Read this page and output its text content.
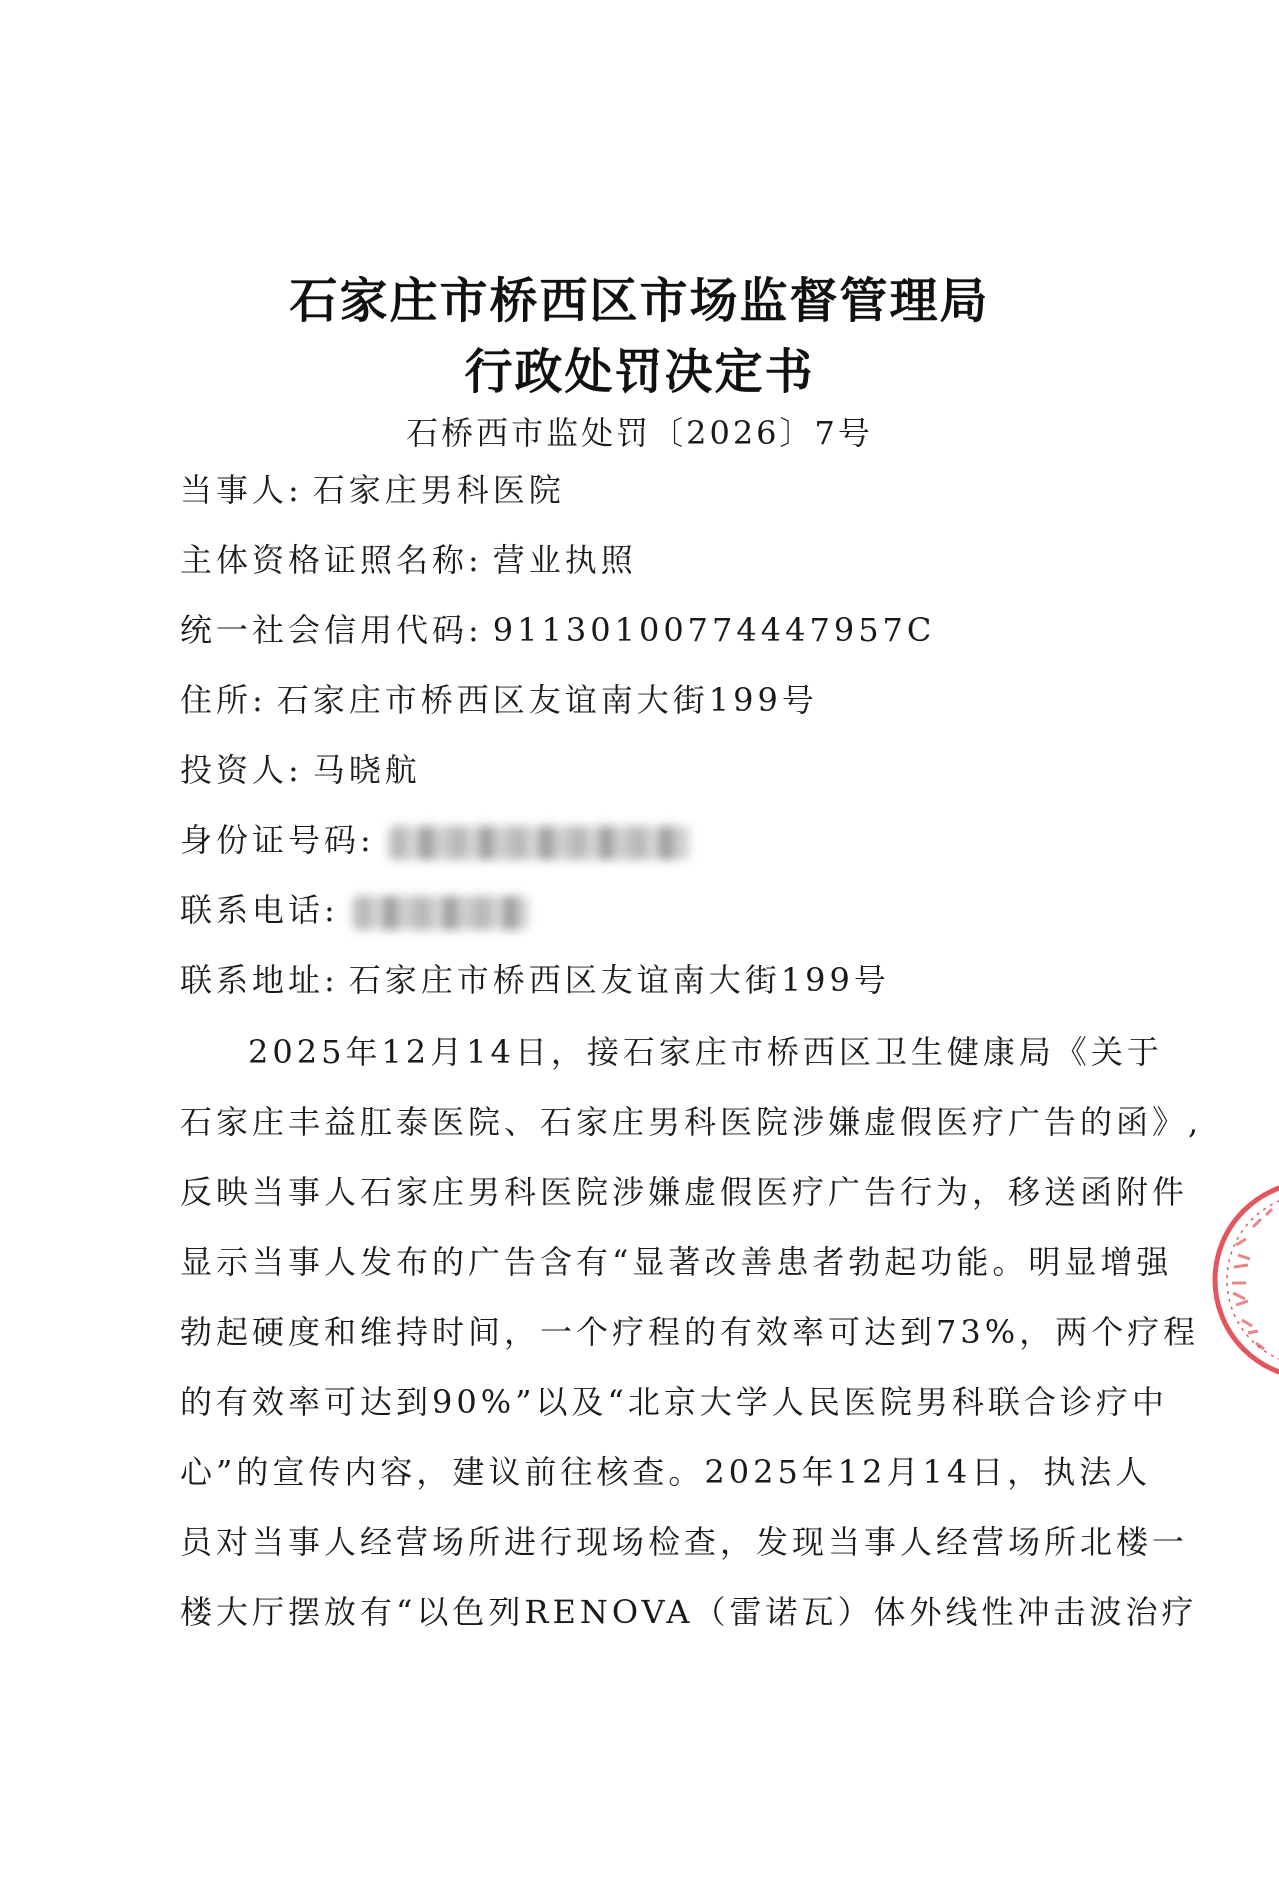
石家庄市桥西区市场监督管理局
行政处罚决定书
石桥西市监处罚〔2026〕7号
当事人: 石家庄男科医院
主体资格证照名称: 营业执照
统一社会信用代码: 91130100774447957C
住所: 石家庄市桥西区友谊南大街199号
投资人: 马晓航
身份证号码:
联系电话:
联系地址: 石家庄市桥西区友谊南大街199号
2025年12月14日，接石家庄市桥西区卫生健康局《关于
石家庄丰益肛泰医院、石家庄男科医院涉嫌虚假医疗广告的函》,
反映当事人石家庄男科医院涉嫌虚假医疗广告行为，移送函附件
显示当事人发布的广告含有“显著改善患者勃起功能。明显增强
勃起硬度和维持时间，一个疗程的有效率可达到73%，两个疗程
的有效率可达到90%”以及“北京大学人民医院男科联合诊疗中
心”的宣传内容，建议前往核查。2025年12月14日，执法人
员对当事人经营场所进行现场检查，发现当事人经营场所北楼一
楼大厅摆放有“以色列RENOVA（雷诺瓦）体外线性冲击波治疗
